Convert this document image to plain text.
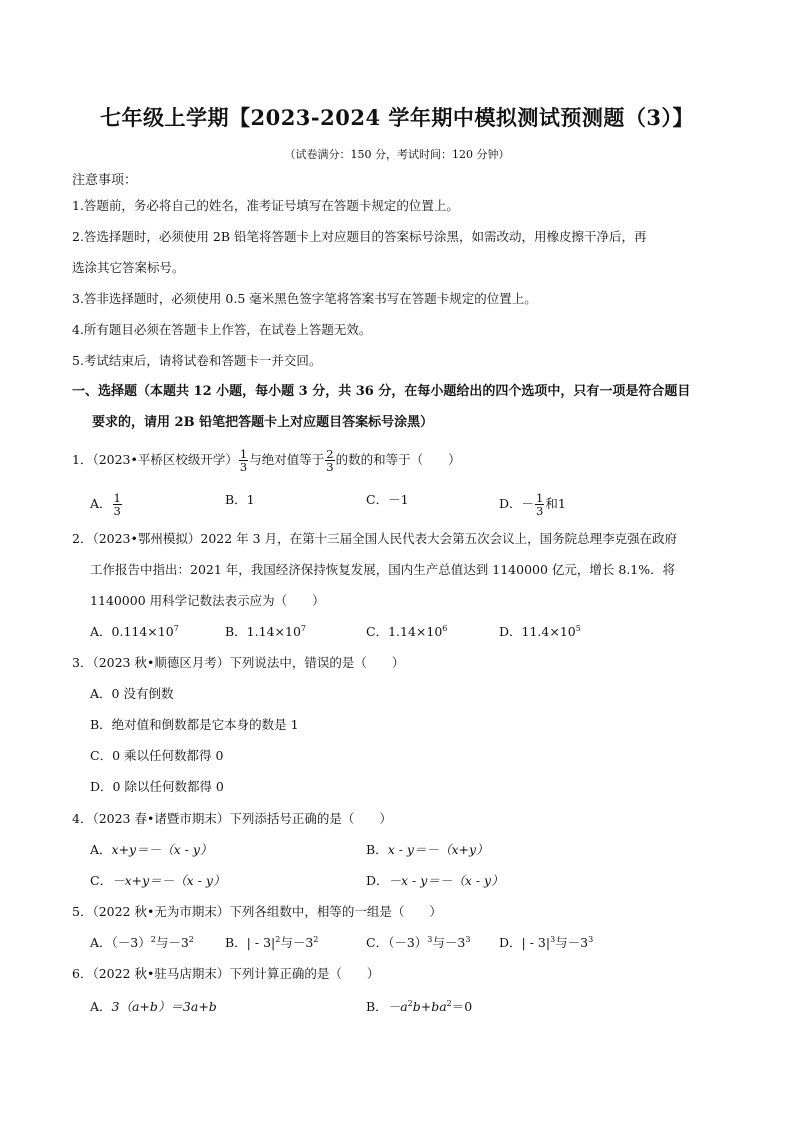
七年级上学期【2023-2024 学年期中模拟测试预测题（3）】
（试卷满分：150 分，考试时间：120 分钟）
注意事项：
1.答题前，务必将自己的姓名，准考证号填写在答题卡规定的位置上。
2.答选择题时，必须使用 2B 铅笔将答题卡上对应题目的答案标号涂黑，如需改动，用橡皮擦干净后，再
选涂其它答案标号。
3.答非选择题时，必须使用 0.5 毫米黑色签字笔将答案书写在答题卡规定的位置上。
4.所有题目必须在答题卡上作答，在试卷上答题无效。
5.考试结束后，请将试卷和答题卡一并交回。
一、选择题（本题共 12 小题，每小题 3 分，共 36 分，在每小题给出的四个选项中，只有一项是符合题目
要求的，请用 2B 铅笔把答题卡上对应题目答案标号涂黑）
1．（2023•平桥区校级开学） $\frac{1}{3}$ 与绝对值等于 $\frac{2}{3}$ 的数的和等于（　　）
A． $\frac{1}{3}$	B．1	C．－1	D．－ $\frac{1}{3}$ 和1
2．（2023•鄂州模拟）2022 年 3 月，在第十三届全国人民代表大会第五次会议上，国务院总理李克强在政府
工作报告中指出：2021 年，我国经济保持恢复发展，国内生产总值达到 1140000 亿元，增长 8.1%．将
1140000 用科学记数法表示应为（　　）
A．$0.114\times 10^7$	B．$1.14\times 10^7$	C．$1.14\times 10^6$	D．$11.4\times 10^5$
3．（2023 秋•顺德区月考）下列说法中，错误的是（　　）
A．0 没有倒数
B．绝对值和倒数都是它本身的数是 1
C．0 乘以任何数都得 0
D．0 除以任何数都得 0
4．（2023 春•诸暨市期末）下列添括号正确的是（　　）
A．x+y＝－（x - y）	B．x - y＝－（x+y）
C．－x+y＝－（x - y）	D．－x - y＝－（x - y）
5．（2022 秋•无为市期末）下列各组数中，相等的一组是（　　）
A．$(-3)^2$与$-3^2$ B．| - $3|^2$与$-3^2$	C．$(-3)^3$与$-3^3$ D．| - $3|^3$与$-3^3$
6．（2022 秋•驻马店期末）下列计算正确的是（　　）
A．3（a+b）＝3a+b	B．$-a^2b+ba^2=0$
